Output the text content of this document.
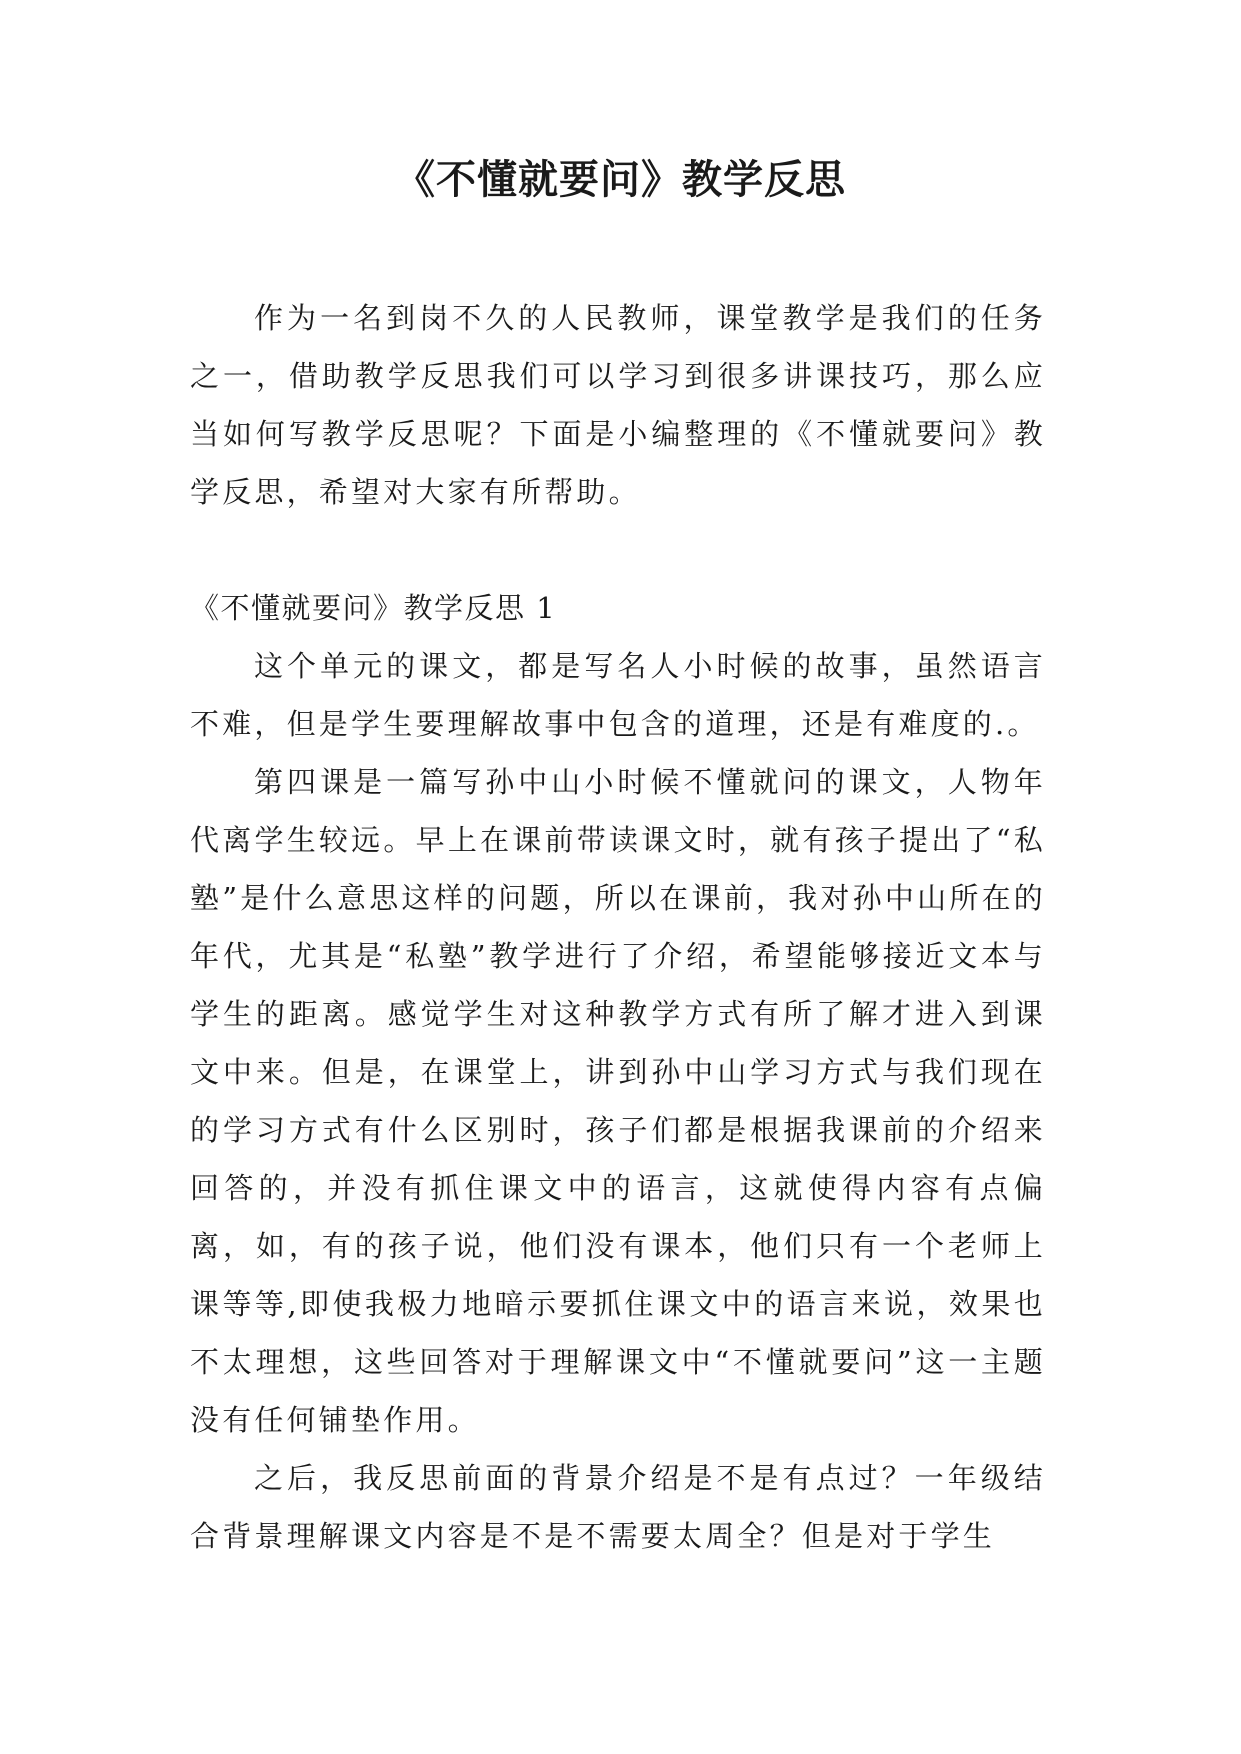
《不懂就要问》教学反思

作为一名到岗不久的人民教师，课堂教学是我们的任务之一，借助教学反思我们可以学习到很多讲课技巧，那么应当如何写教学反思呢？下面是小编整理的《不懂就要问》教学反思，希望对大家有所帮助。

《不懂就要问》教学反思 1

这个单元的课文，都是写名人小时候的故事，虽然语言不难，但是学生要理解故事中包含的道理，还是有难度的.。

第四课是一篇写孙中山小时候不懂就问的课文，人物年代离学生较远。早上在课前带读课文时，就有孩子提出了“私塾”是什么意思这样的问题，所以在课前，我对孙中山所在的年代，尤其是“私塾”教学进行了介绍，希望能够接近文本与学生的距离。感觉学生对这种教学方式有所了解才进入到课文中来。但是，在课堂上，讲到孙中山学习方式与我们现在的学习方式有什么区别时，孩子们都是根据我课前的介绍来回答的，并没有抓住课文中的语言，这就使得内容有点偏离，如，有的孩子说，他们没有课本，他们只有一个老师上课等等,即使我极力地暗示要抓住课文中的语言来说，效果也不太理想，这些回答对于理解课文中“不懂就要问”这一主题没有任何铺垫作用。

之后，我反思前面的背景介绍是不是有点过？一年级结合背景理解课文内容是不是不需要太周全？但是对于学生
